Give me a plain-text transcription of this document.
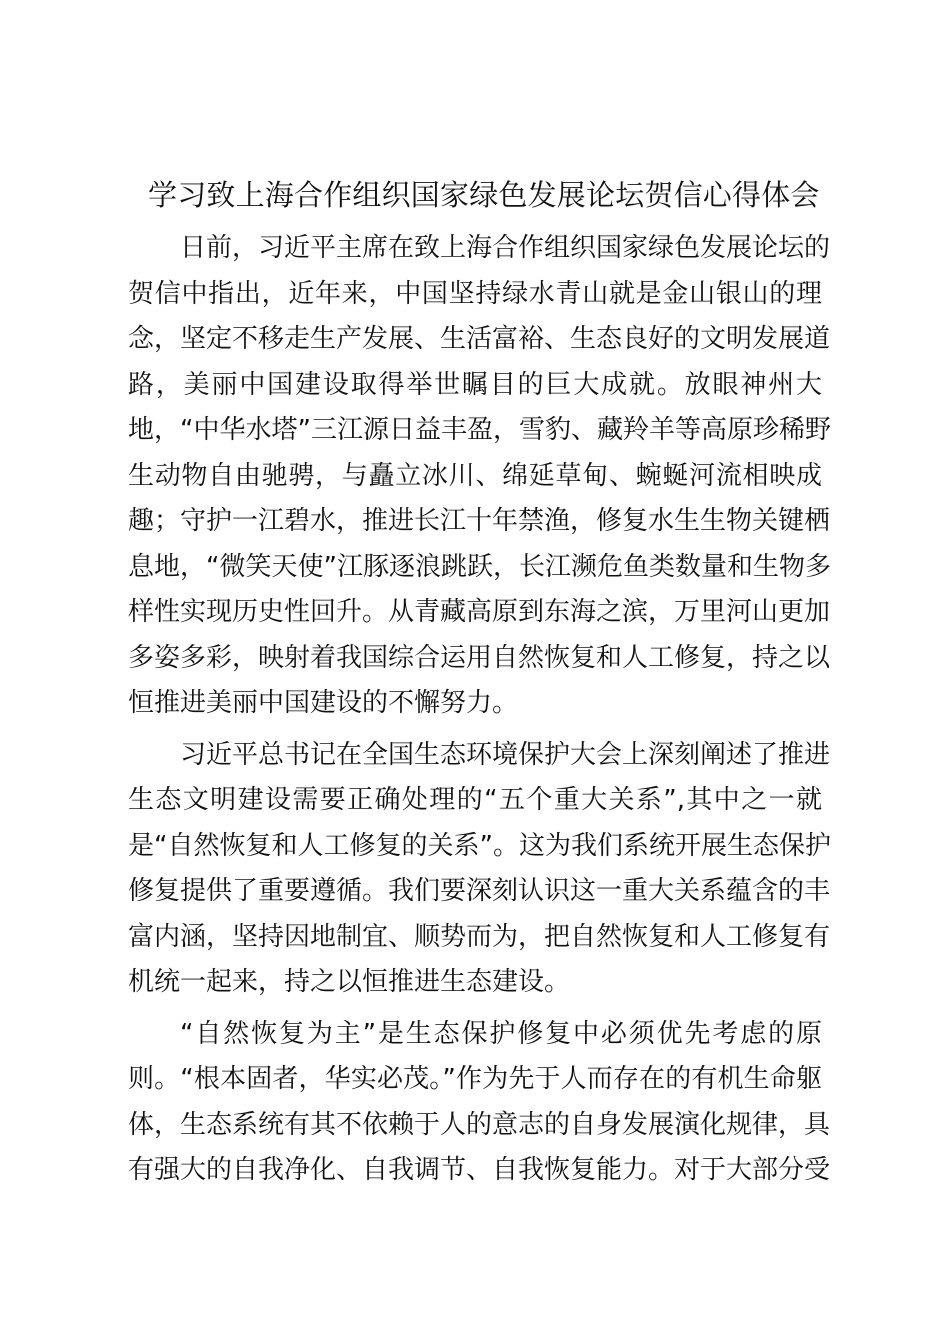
学习致上海合作组织国家绿色发展论坛贺信心得体会
日前，习近平主席在致上海合作组织国家绿色发展论坛的
贺信中指出，近年来，中国坚持绿水青山就是金山银山的理
念，坚定不移走生产发展、生活富裕、生态良好的文明发展道
路，美丽中国建设取得举世瞩目的巨大成就。放眼神州大
地，“中华水塔”三江源日益丰盈，雪豹、藏羚羊等高原珍稀野
生动物自由驰骋，与矗立冰川、绵延草甸、蜿蜒河流相映成
趣；守护一江碧水，推进长江十年禁渔，修复水生生物关键栖
息地，“微笑天使”江豚逐浪跳跃，长江濒危鱼类数量和生物多
样性实现历史性回升。从青藏高原到东海之滨，万里河山更加
多姿多彩，映射着我国综合运用自然恢复和人工修复，持之以
恒推进美丽中国建设的不懈努力。
习近平总书记在全国生态环境保护大会上深刻阐述了推进
生态文明建设需要正确处理的“五个重大关系”,其中之一就
是“自然恢复和人工修复的关系”。这为我们系统开展生态保护
修复提供了重要遵循。我们要深刻认识这一重大关系蕴含的丰
富内涵，坚持因地制宜、顺势而为，把自然恢复和人工修复有
机统一起来，持之以恒推进生态建设。
“自然恢复为主”是生态保护修复中必须优先考虑的原
则。“根本固者，华实必茂。”作为先于人而存在的有机生命躯
体，生态系统有其不依赖于人的意志的自身发展演化规律，具
有强大的自我净化、自我调节、自我恢复能力。对于大部分受
